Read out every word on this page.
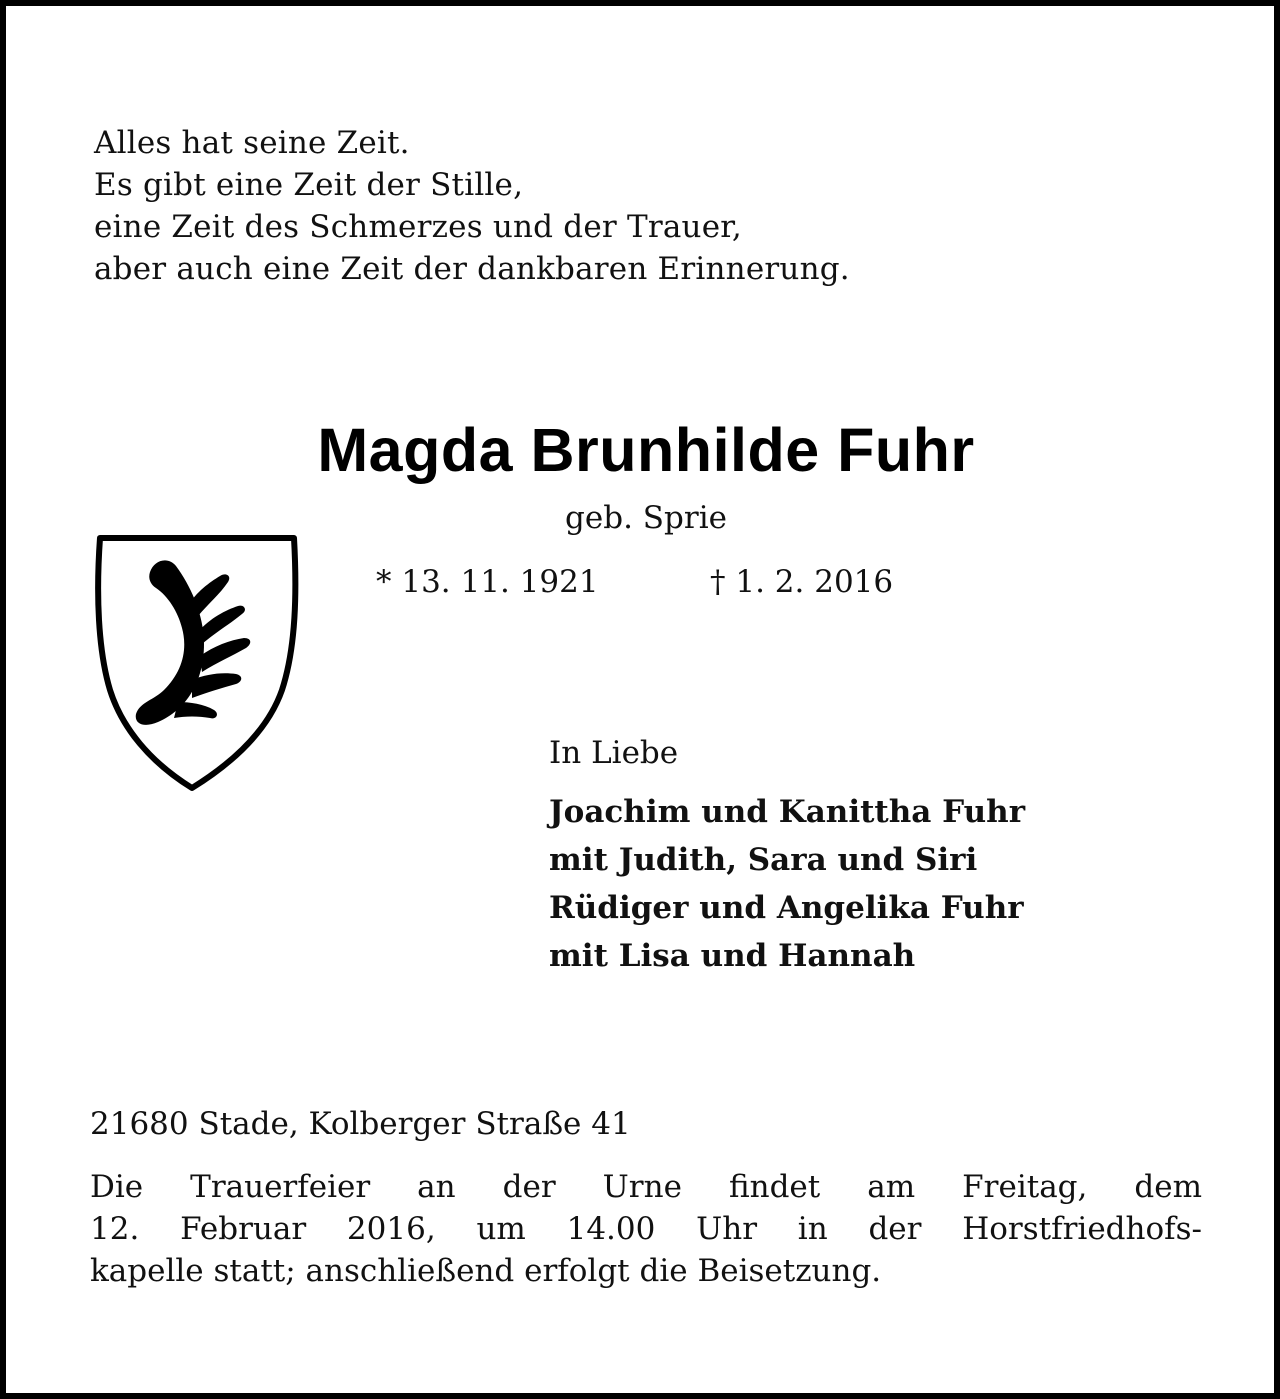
Alles hat seine Zeit.
Es gibt eine Zeit der Stille,
eine Zeit des Schmerzes und der Trauer,
aber auch eine Zeit der dankbaren Erinnerung.
Magda Brunhilde Fuhr
geb. Sprie
* 13. 11. 1921	† 1. 2. 2016
In Liebe
Joachim und Kanittha Fuhr
mit Judith, Sara und Siri
Rüdiger und Angelika Fuhr
mit Lisa und Hannah
21680 Stade, Kolberger Straße 41
Die Trauerfeier an der Urne findet am Freitag, dem
12. Februar 2016, um 14.00 Uhr in der Horstfriedhofs-
kapelle statt; anschließend erfolgt die Beisetzung.
